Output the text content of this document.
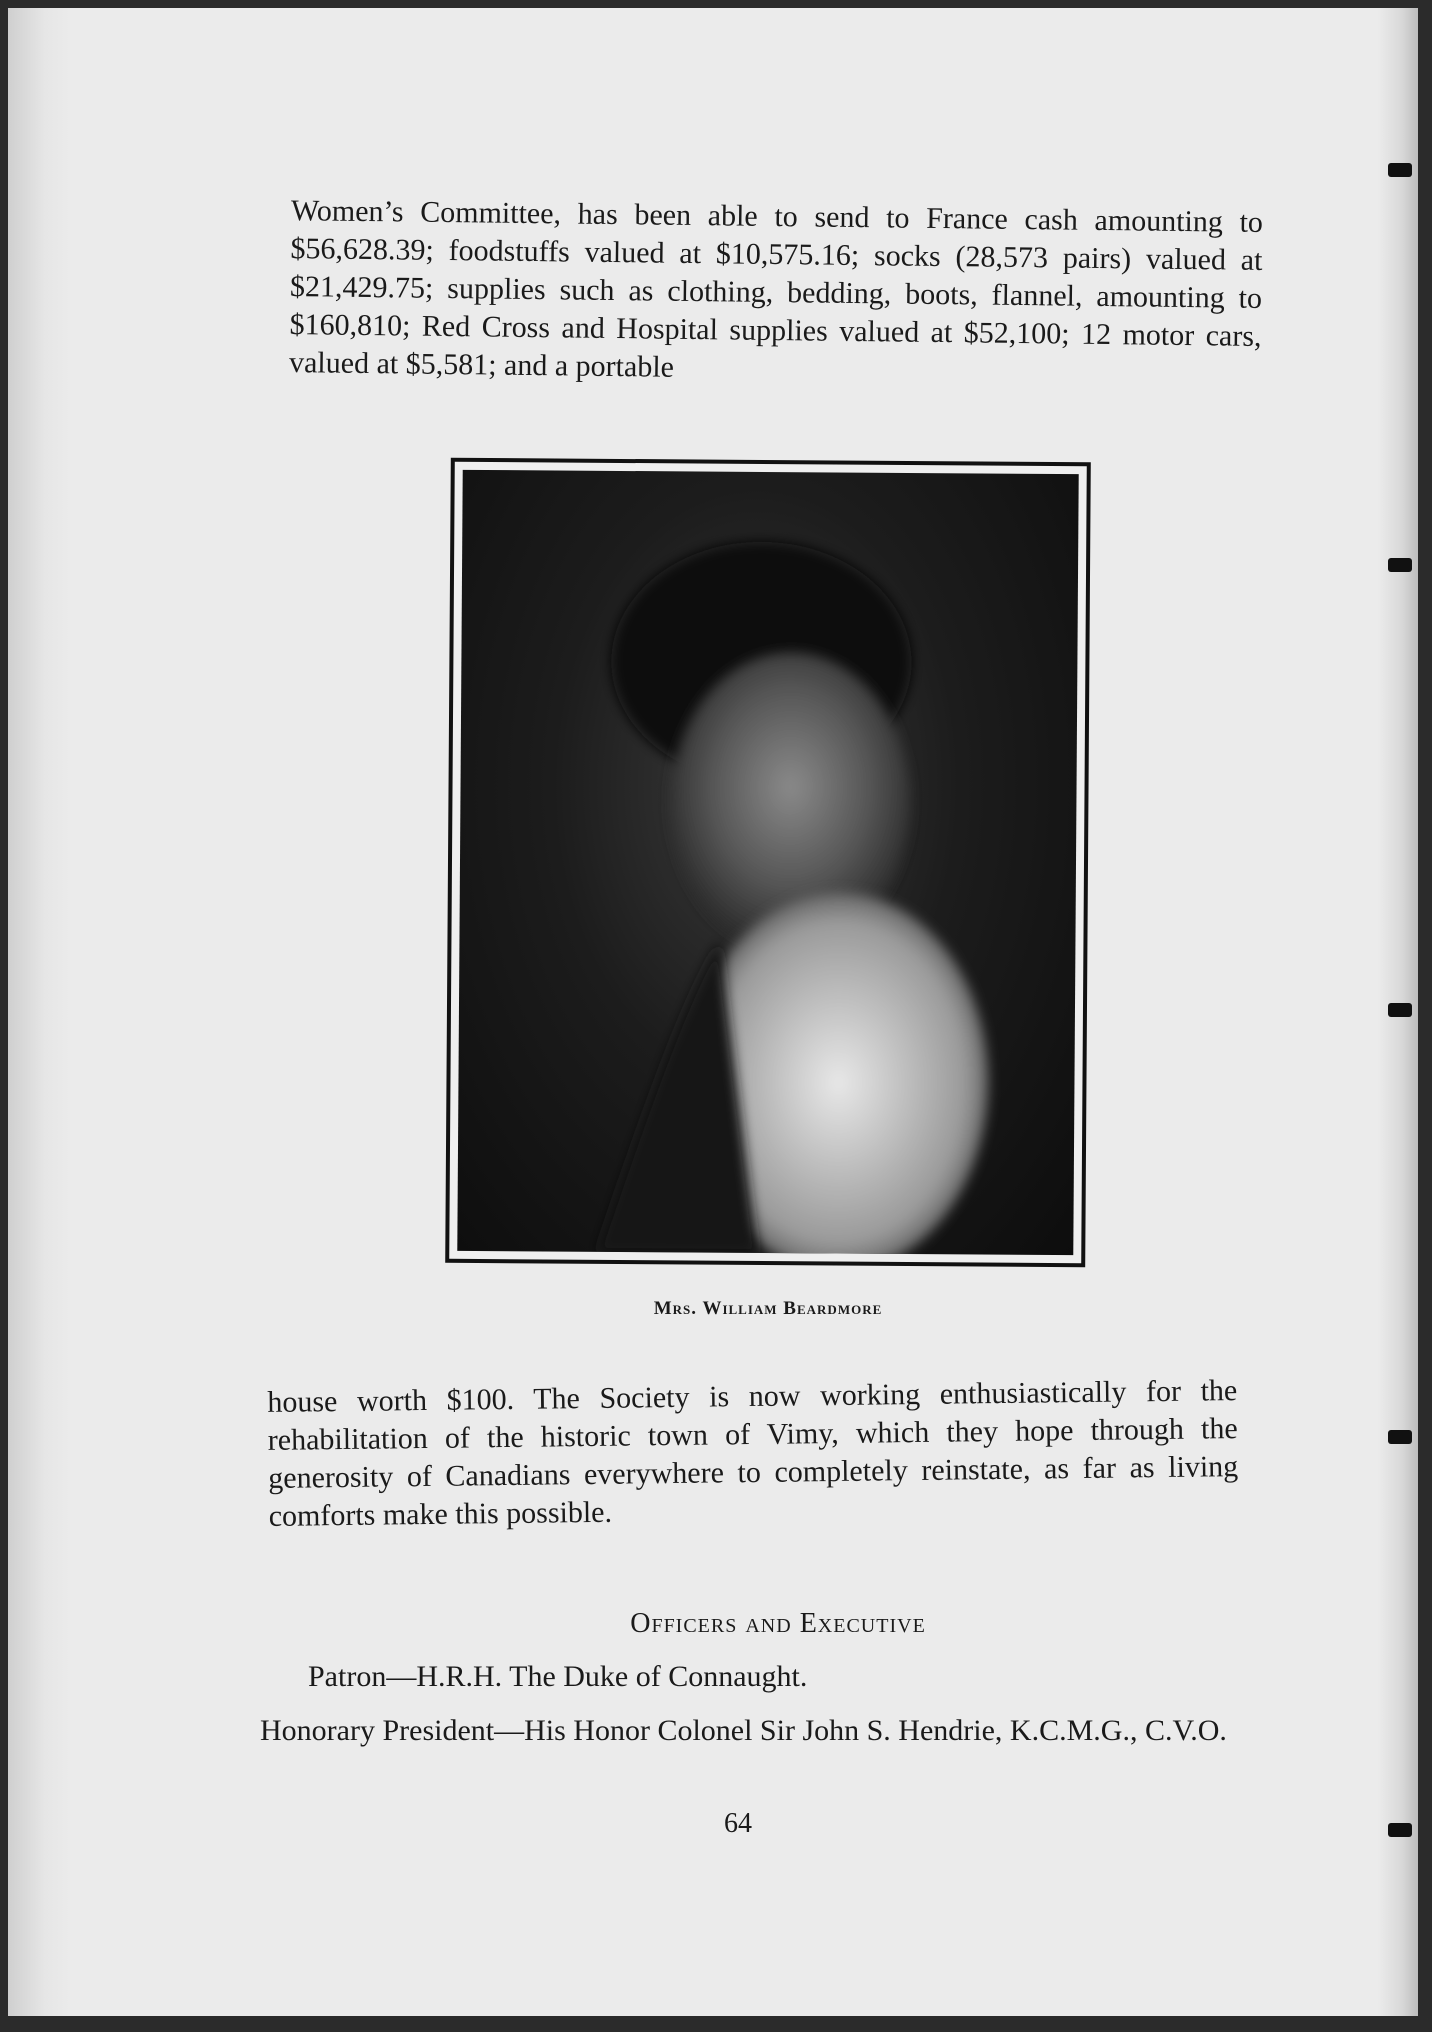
Women’s Committee, has been able to send to France cash amounting to $56,628.39; foodstuffs valued at $10,575.16; socks (28,573 pairs) valued at $21,429.75; supplies such as clothing, bedding, boots, flannel, amounting to $160,810; Red Cross and Hospital supplies valued at $52,100; 12 motor cars, valued at $5,581; and a portable

Mrs. William Beardmore

house worth $100. The Society is now working enthusiastically for the rehabilitation of the historic town of Vimy, which they hope through the generosity of Canadians everywhere to completely reinstate, as far as living comforts make this possible.

Officers and Executive
Patron—H.R.H. The Duke of Connaught.
Honorary President—His Honor Colonel Sir John S. Hendrie, K.C.M.G., C.V.O.
64
